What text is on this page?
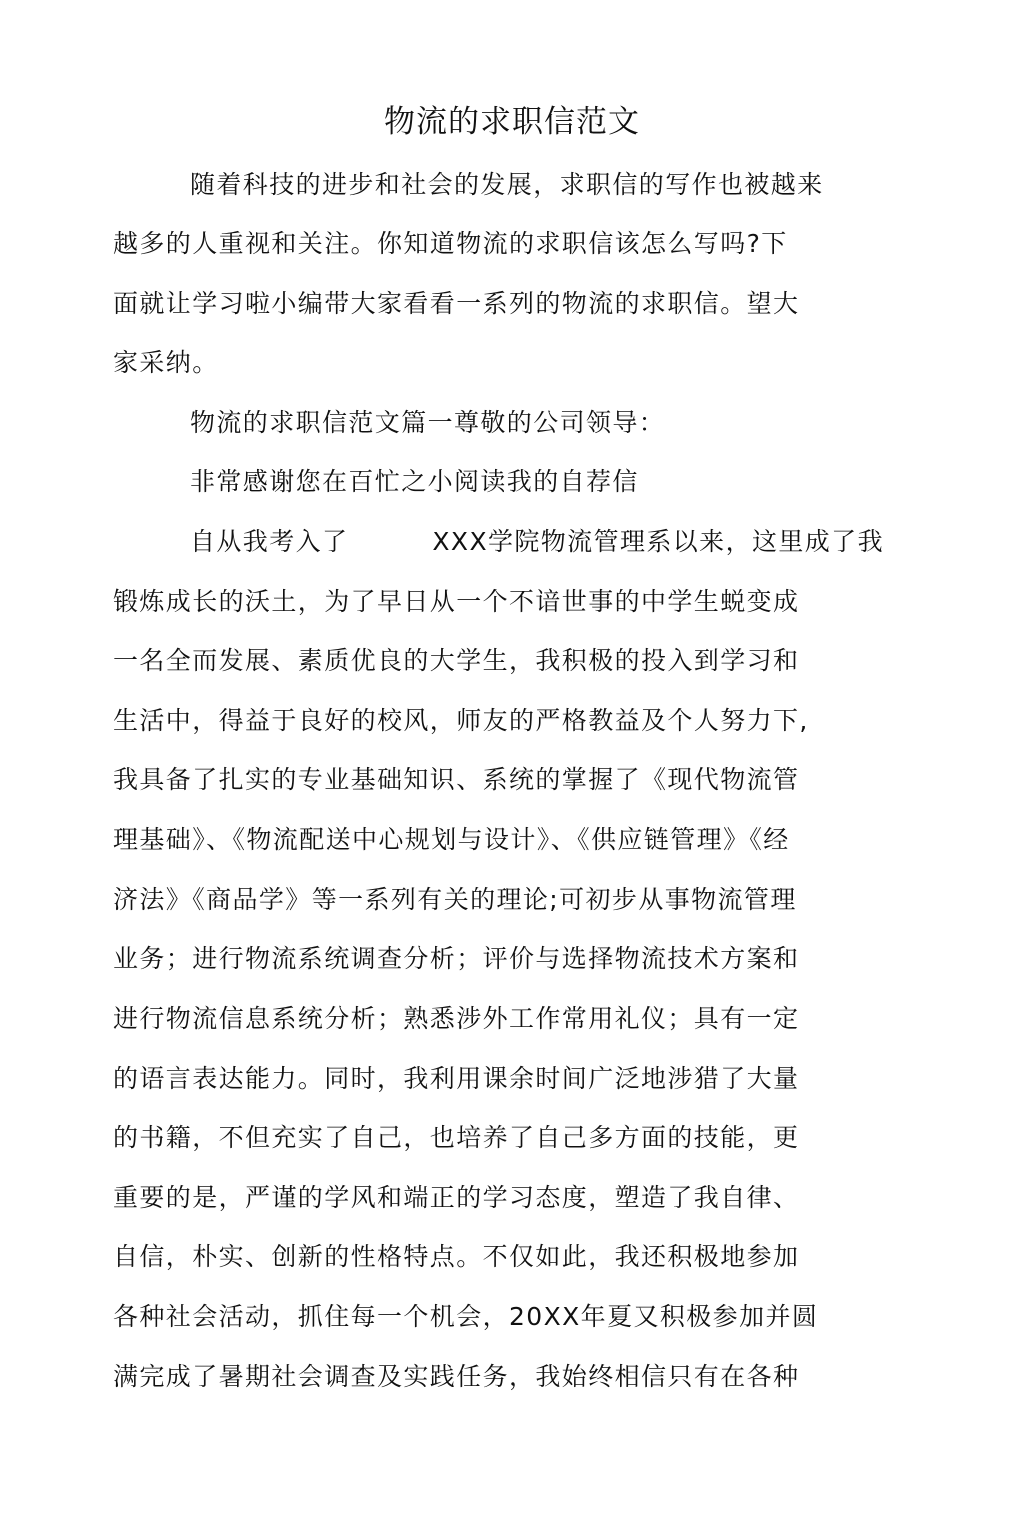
物流的求职信范文
随着科技的进步和社会的发展，求职信的写作也被越来
越多的人重视和关注。你知道物流的求职信该怎么写吗?下
面就让学习啦小编带大家看看一系列的物流的求职信。望大
家采纳。
物流的求职信范文篇一尊敬的公司领导：
非常感谢您在百忙之小阅读我的自荐信
自从我考入了	XXX学院物流管理系以来，这里成了我
锻炼成长的沃土，为了早日从一个不谙世事的中学生蜕变成
一名全而发展、素质优良的大学生，我积极的投入到学习和
生活中，得益于良好的校风，师友的严格教益及个人努力下,
我具备了扎实的专业基础知识、系统的掌握了《现代物流管
理基础》、《物流配送中心规划与设计》、《供应链管理》《经
济法》《商品学》等一系列有关的理论;可初步从事物流管理
业务；进行物流系统调查分析；评价与选择物流技术方案和
进行物流信息系统分析；熟悉涉外工作常用礼仪；具有一定
的语言表达能力。同时，我利用课余时间广泛地涉猎了大量
的书籍，不但充实了自己，也培养了自己多方面的技能，更
重要的是，严谨的学风和端正的学习态度，塑造了我自律、
自信，朴实、创新的性格特点。不仅如此，我还积极地参加
各种社会活动，抓住每一个机会，20XX年夏又积极参加并圆
满完成了暑期社会调查及实践任务，我始终相信只有在各种
